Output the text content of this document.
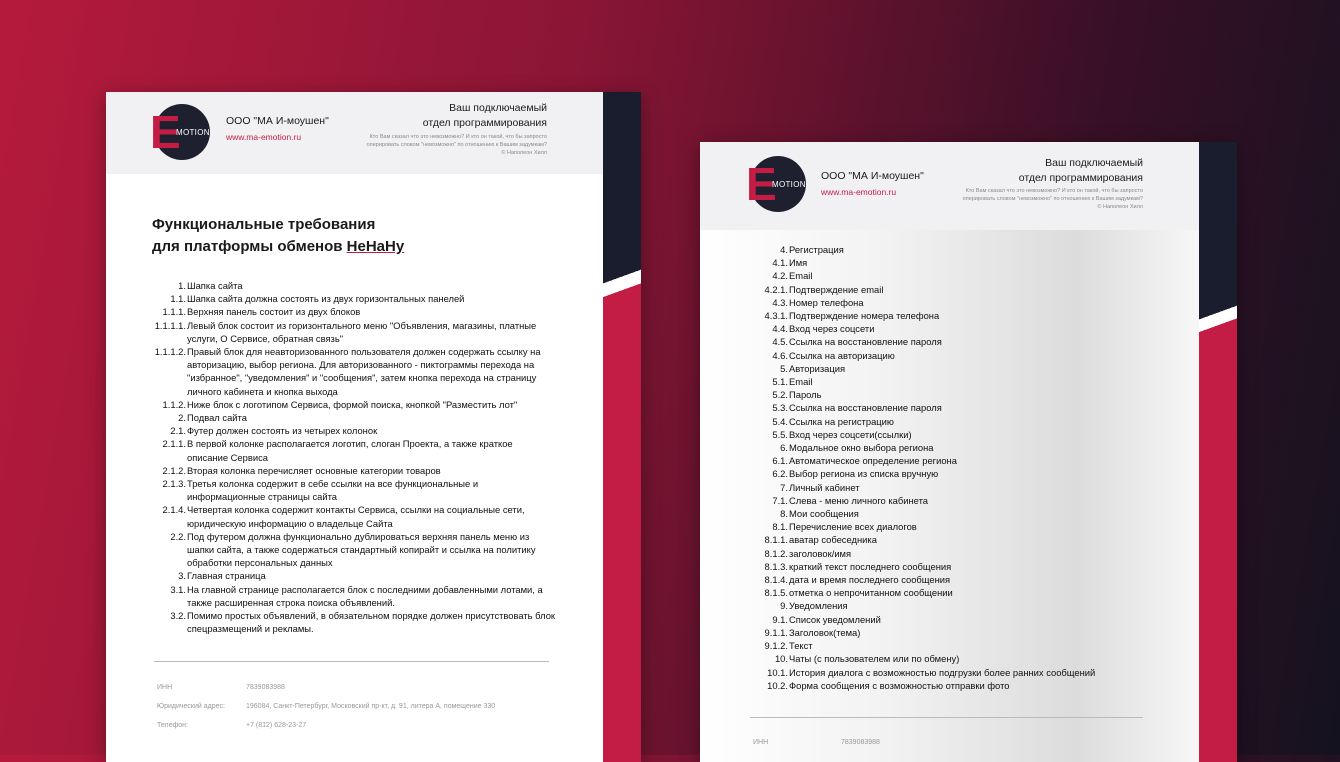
E
MOTION
ООО "МА И-моушен"
www.ma-emotion.ru
Ваш подключаемый
отдел программирования
Кто Вам сказал что это невозможно? И кто он такой, что бы запросто
оперировать словом "невозможно" по отношению к Вашим задумкам?
© Наполеон Хилл
Функциональные требования
для платформы обменов НеНаНу
1. Шапка сайта
1.1. Шапка сайта должна состоять из двух горизонтальных панелей
1.1.1. Верхняя панель состоит из двух блоков
1.1.1.1. Левый блок состоит из горизонтального меню "Объявления, магазины, платные услуги, О Сервисе, обратная связь"
1.1.1.2. Правый блок для неавторизованного пользователя должен содержать ссылку на авторизацию, выбор региона. Для авторизованного - пиктограммы перехода на "избранное", "уведомления" и "сообщения", затем кнопка перехода на страницу личного кабинета и кнопка выхода
1.1.2. Ниже блок с логотипом Сервиса, формой поиска, кнопкой "Разместить лот"
2. Подвал сайта
2.1. Футер должен состоять из четырех колонок
2.1.1. В первой колонке располагается логотип, слоган Проекта, а также краткое описание Сервиса
2.1.2. Вторая колонка перечисляет основные категории товаров
2.1.3. Третья колонка содержит в себе ссылки на все функциональные и информационные страницы сайта
2.1.4. Четвертая колонка содержит контакты Сервиса, ссылки на социальные сети, юридическую информацию о владельце Сайта
2.2. Под футером должна функционально дублироваться верхняя панель меню из шапки сайта, а также содержаться стандартный копирайт и ссылка на политику обработки персональных данных
3. Главная страница
3.1. На главной странице располагается блок с последними добавленными лотами, а также расширенная строка поиска объявлений.
3.2. Помимо простых объявлений, в обязательном порядке должен присутствовать блок спецразмещений и рекламы.
ИНН	7839083988
Юридический адрес:	196084, Санкт-Петербург, Московский пр-кт, д. 91, литера А, помещение 330
Телефон:	+7 (812) 628-23-27
E
MOTION
ООО "МА И-моушен"
www.ma-emotion.ru
Ваш подключаемый
отдел программирования
Кто Вам сказал что это невозможно? И кто он такой, что бы запросто
оперировать словом "невозможно" по отношению к Вашим задумкам?
© Наполеон Хилл
4. Регистрация
4.1. Имя
4.2. Email
4.2.1. Подтверждение email
4.3. Номер телефона
4.3.1. Подтверждение номера телефона
4.4. Вход через соцсети
4.5. Ссылка на восстановление пароля
4.6. Ссылка на авторизацию
5. Авторизация
5.1. Email
5.2. Пароль
5.3. Ссылка на восстановление пароля
5.4. Ссылка на регистрацию
5.5. Вход через соцсети(ссылки)
6. Модальное окно выбора региона
6.1. Автоматическое определение региона
6.2. Выбор региона из списка вручную
7. Личный кабинет
7.1. Слева - меню личного кабинета
8. Мои сообщения
8.1. Перечисление всех диалогов
8.1.1. аватар собеседника
8.1.2. заголовок/имя
8.1.3. краткий текст последнего сообщения
8.1.4. дата и время последнего сообщения
8.1.5. отметка о непрочитанном сообщении
9. Уведомления
9.1. Список уведомлений
9.1.1. Заголовок(тема)
9.1.2. Текст
10. Чаты (с пользователем или по обмену)
10.1. История диалога с возможностью подгрузки более ранних сообщений
10.2. Форма сообщения с возможностью отправки фото
ИНН	7839083988
